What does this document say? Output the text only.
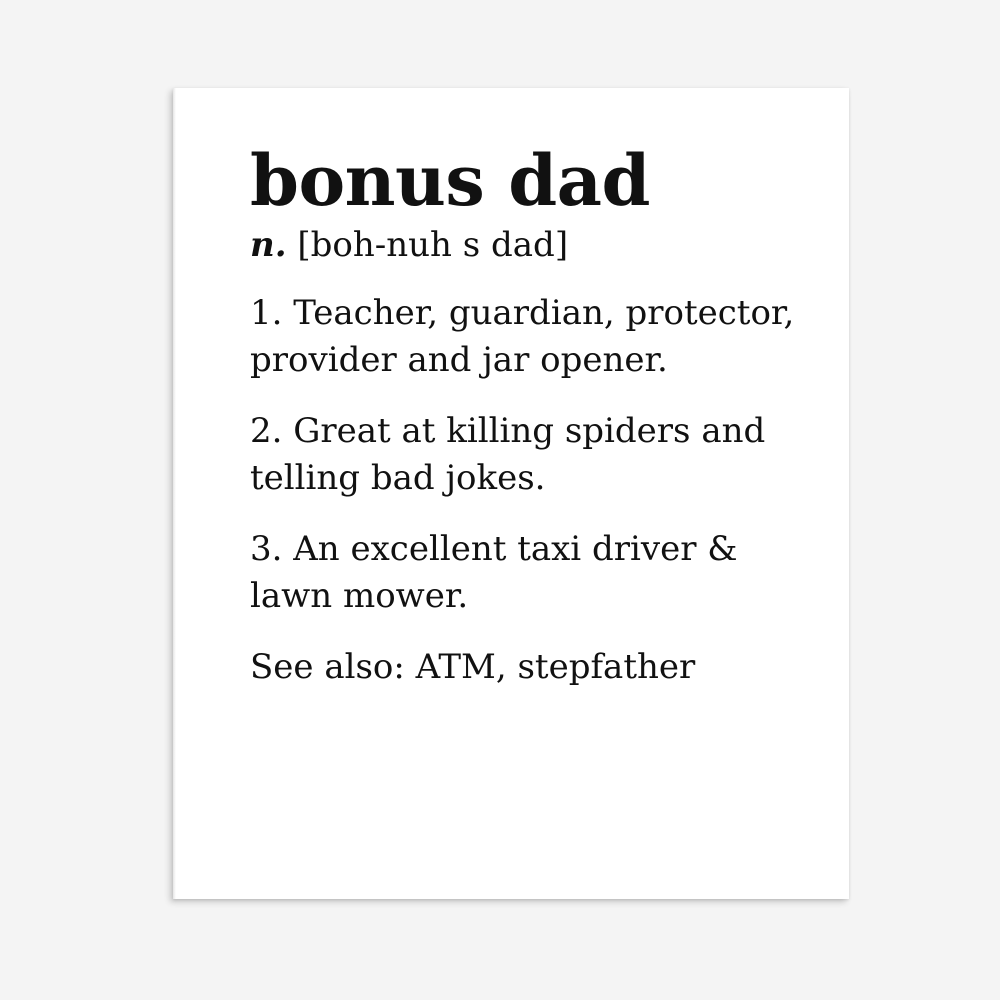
bonus dad

n. [boh-nuh s dad]

1. Teacher, guardian, protector, provider and jar opener.

2. Great at killing spiders and telling bad jokes.

3. An excellent taxi driver & lawn mower.

See also: ATM, stepfather
